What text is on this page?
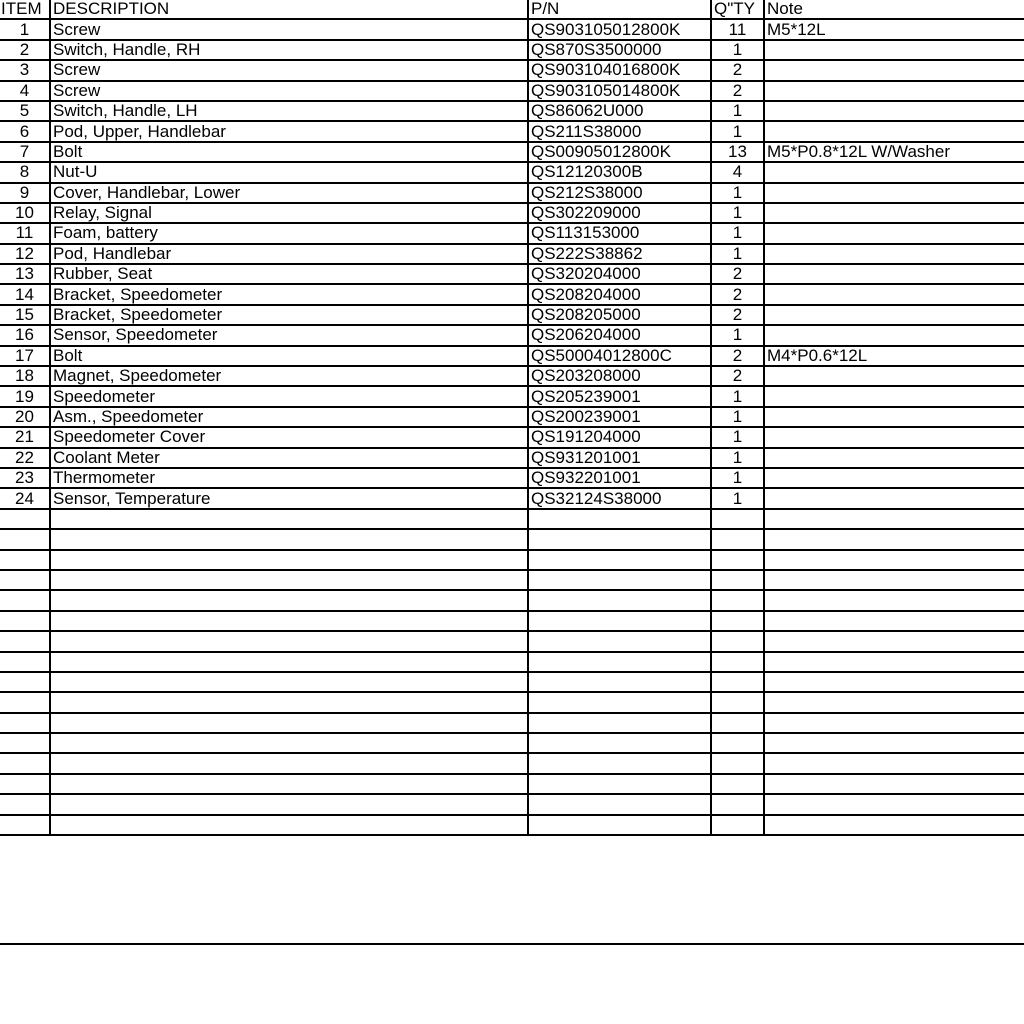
ITEM	DESCRIPTION	P/N	Q"TY	Note
1	Screw	QS903105012800K	11	M5*12L
2	Switch, Handle, RH	QS870S3500000	1	
3	Screw	QS903104016800K	2	
4	Screw	QS903105014800K	2	
5	Switch, Handle, LH	QS86062U000	1	
6	Pod, Upper, Handlebar	QS211S38000	1	
7	Bolt	QS00905012800K	13	M5*P0.8*12L W/Washer
8	Nut-U	QS12120300B	4	
9	Cover, Handlebar, Lower	QS212S38000	1	
10	Relay, Signal	QS302209000	1	
11	Foam, battery	QS113153000	1	
12	Pod, Handlebar	QS222S38862	1	
13	Rubber, Seat	QS320204000	2	
14	Bracket, Speedometer	QS208204000	2	
15	Bracket, Speedometer	QS208205000	2	
16	Sensor, Speedometer	QS206204000	1	
17	Bolt	QS50004012800C	2	M4*P0.6*12L
18	Magnet, Speedometer	QS203208000	2	
19	Speedometer	QS205239001	1	
20	Asm., Speedometer	QS200239001	1	
21	Speedometer Cover	QS191204000	1	
22	Coolant Meter	QS931201001	1	
23	Thermometer	QS932201001	1	
24	Sensor, Temperature	QS32124S38000	1	
